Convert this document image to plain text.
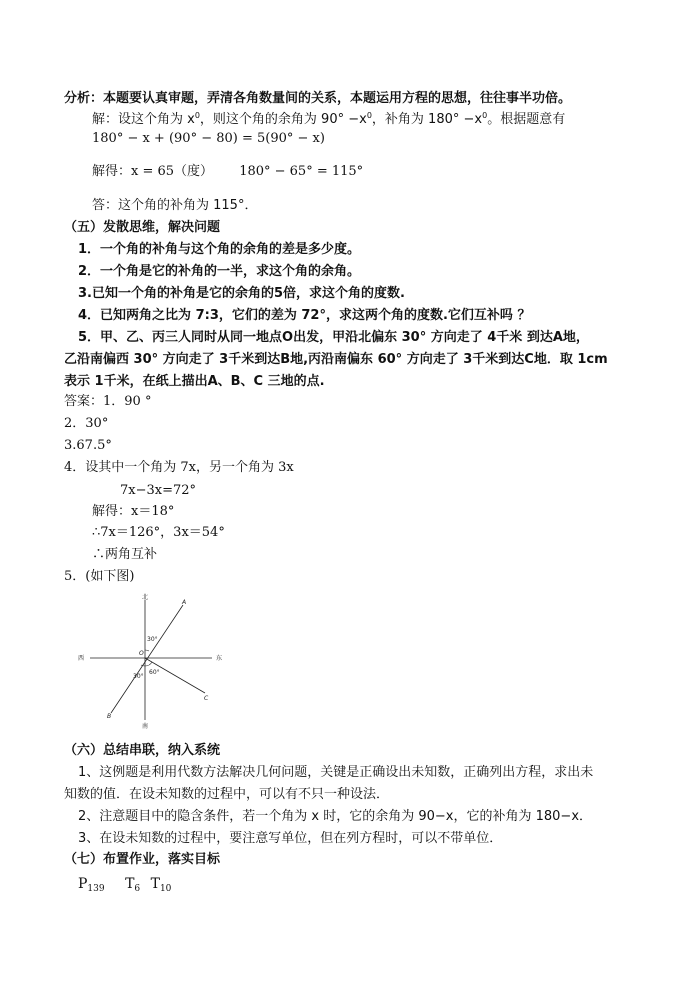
分析：本题要认真审题，弄清各角数量间的关系，本题运用方程的思想，往往事半功倍。
解：设这个角为 $x^0$，则这个角的余角为 $90^\circ -x^0$，补角为 $180^\circ -x^0$。根据题意有
180° − x + (90° − 80) = 5(90° − x)
解得：x = 65（度） 180° − 65° = 115°
答：这个角的补角为 115°．
（五）发散思维，解决问题
1．一个角的补角与这个角的余角的差是多少度。
2．一个角是它的补角的一半，求这个角的余角。
3.已知一个角的补角是它的余角的5倍，求这个角的度数.
4．已知两角之比为 7:3，它们的差为 72°，求这两个角的度数.它们互补吗 ？
5．甲、乙、丙三人同时从同一地点O出发，甲沿北偏东 30° 方向走了 4千米 到达A地，
乙沿南偏西 30° 方向走了 3千米到达B地,丙沿南偏东 60° 方向走了 3千米到达C地．取 1cm
表示 1千米，在纸上描出A、B、C 三地的点.
答案：1．90 °
2．30°
3.67.5°
4．设其中一个角为 7x，另一个角为 3x
7x−3x=72°
解得：x＝18°
∴7x＝126°，3x＝54°
∴两角互补
5．(如下图)
北
南
西	东
O
A
B
C
30°
30°
60°
（六）总结串联，纳入系统
1、这例题是利用代数方法解决几何问题，关键是正确设出未知数，正确列出方程，求出未
知数的值．在设未知数的过程中，可以有不只一种设法．
2、注意题目中的隐含条件，若一个角为 x 时，它的余角为 90−x，它的补角为 180−x．
3、在设未知数的过程中，要注意写单位，但在列方程时，可以不带单位．
（七）布置作业，落实目标
$P_{139}$ $T_6$ $T_{10}$
